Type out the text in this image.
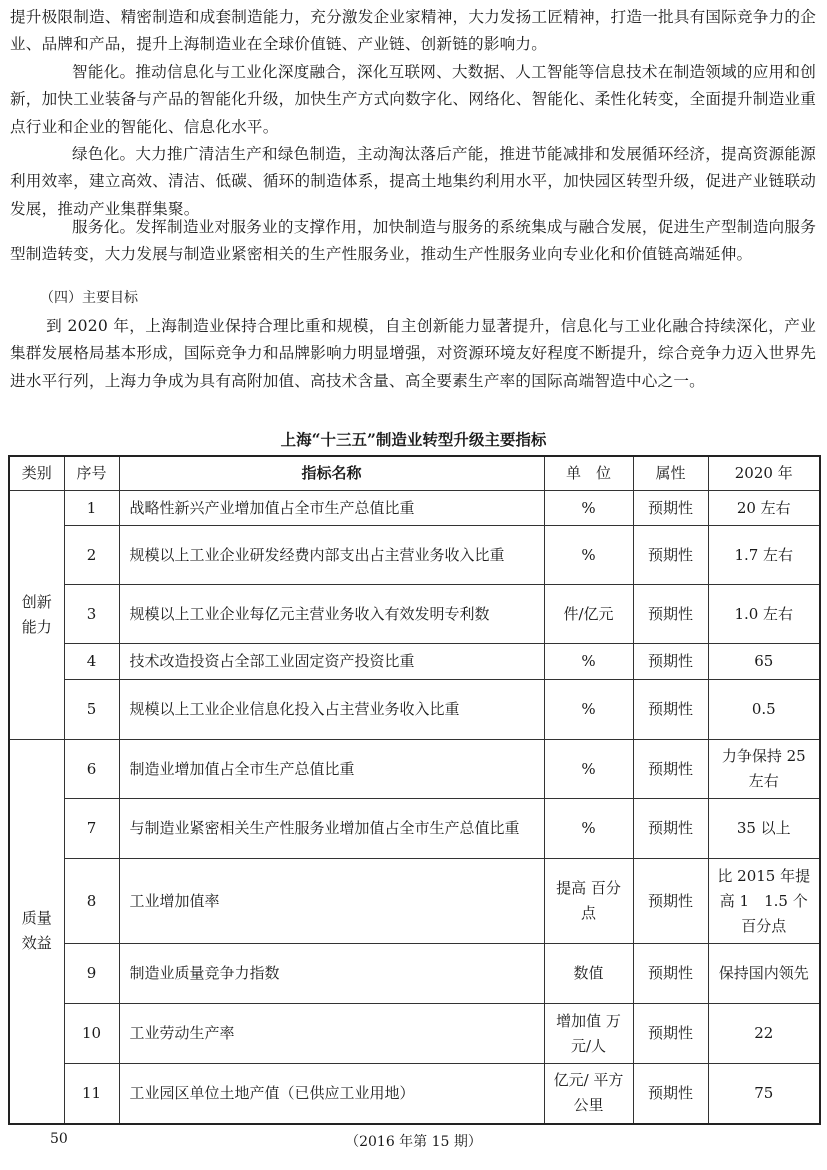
提升极限制造、精密制造和成套制造能力，充分激发企业家精神，大力发扬工匠精神，打造一批具有国际竞争力的企业、品牌和产品，提升上海制造业在全球价值链、产业链、创新链的影响力。
智能化。推动信息化与工业化深度融合，深化互联网、大数据、人工智能等信息技术在制造领域的应用和创新，加快工业装备与产品的智能化升级，加快生产方式向数字化、网络化、智能化、柔性化转变，全面提升制造业重点行业和企业的智能化、信息化水平。
绿色化。大力推广清洁生产和绿色制造，主动淘汰落后产能，推进节能减排和发展循环经济，提高资源能源利用效率，建立高效、清洁、低碳、循环的制造体系，提高土地集约利用水平，加快园区转型升级，促进产业链联动发展，推动产业集群集聚。
服务化。发挥制造业对服务业的支撑作用，加快制造与服务的系统集成与融合发展，促进生产型制造向服务型制造转变，大力发展与制造业紧密相关的生产性服务业，推动生产性服务业向专业化和价值链高端延伸。
（四）主要目标
到 2020 年，上海制造业保持合理比重和规模，自主创新能力显著提升，信息化与工业化融合持续深化，产业集群发展格局基本形成，国际竞争力和品牌影响力明显增强，对资源环境友好程度不断提升，综合竞争力迈入世界先进水平行列，上海力争成为具有高附加值、高技术含量、高全要素生产率的国际高端智造中心之一。
上海“十三五”制造业转型升级主要指标
类别	序号	指标名称	单　位	属性	2020 年
创新能力	1	战略性新兴产业增加值占全市生产总值比重	%	预期性	20 左右
	2	规模以上工业企业研发经费内部支出占主营业务收入比重	%	预期性	1.7 左右
	3	规模以上工业企业每亿元主营业务收入有效发明专利数	件/亿元	预期性	1.0 左右
	4	技术改造投资占全部工业固定资产投资比重	%	预期性	65
	5	规模以上工业企业信息化投入占主营业务收入比重	%	预期性	0.5
质量效益	6	制造业增加值占全市生产总值比重	%	预期性	力争保持 25 左右
	7	与制造业紧密相关生产性服务业增加值占全市生产总值比重	%	预期性	35 以上
	8	工业增加值率	提高 百分点	预期性	比 2015 年提高 1　1.5 个百分点
	9	制造业质量竞争力指数	数值	预期性	保持国内领先
	10	工业劳动生产率	增加值 万元/人	预期性	22
	11	工业园区单位土地产值（已供应工业用地）	亿元/ 平方公里	预期性	75
50	（2016 年第 15 期）
